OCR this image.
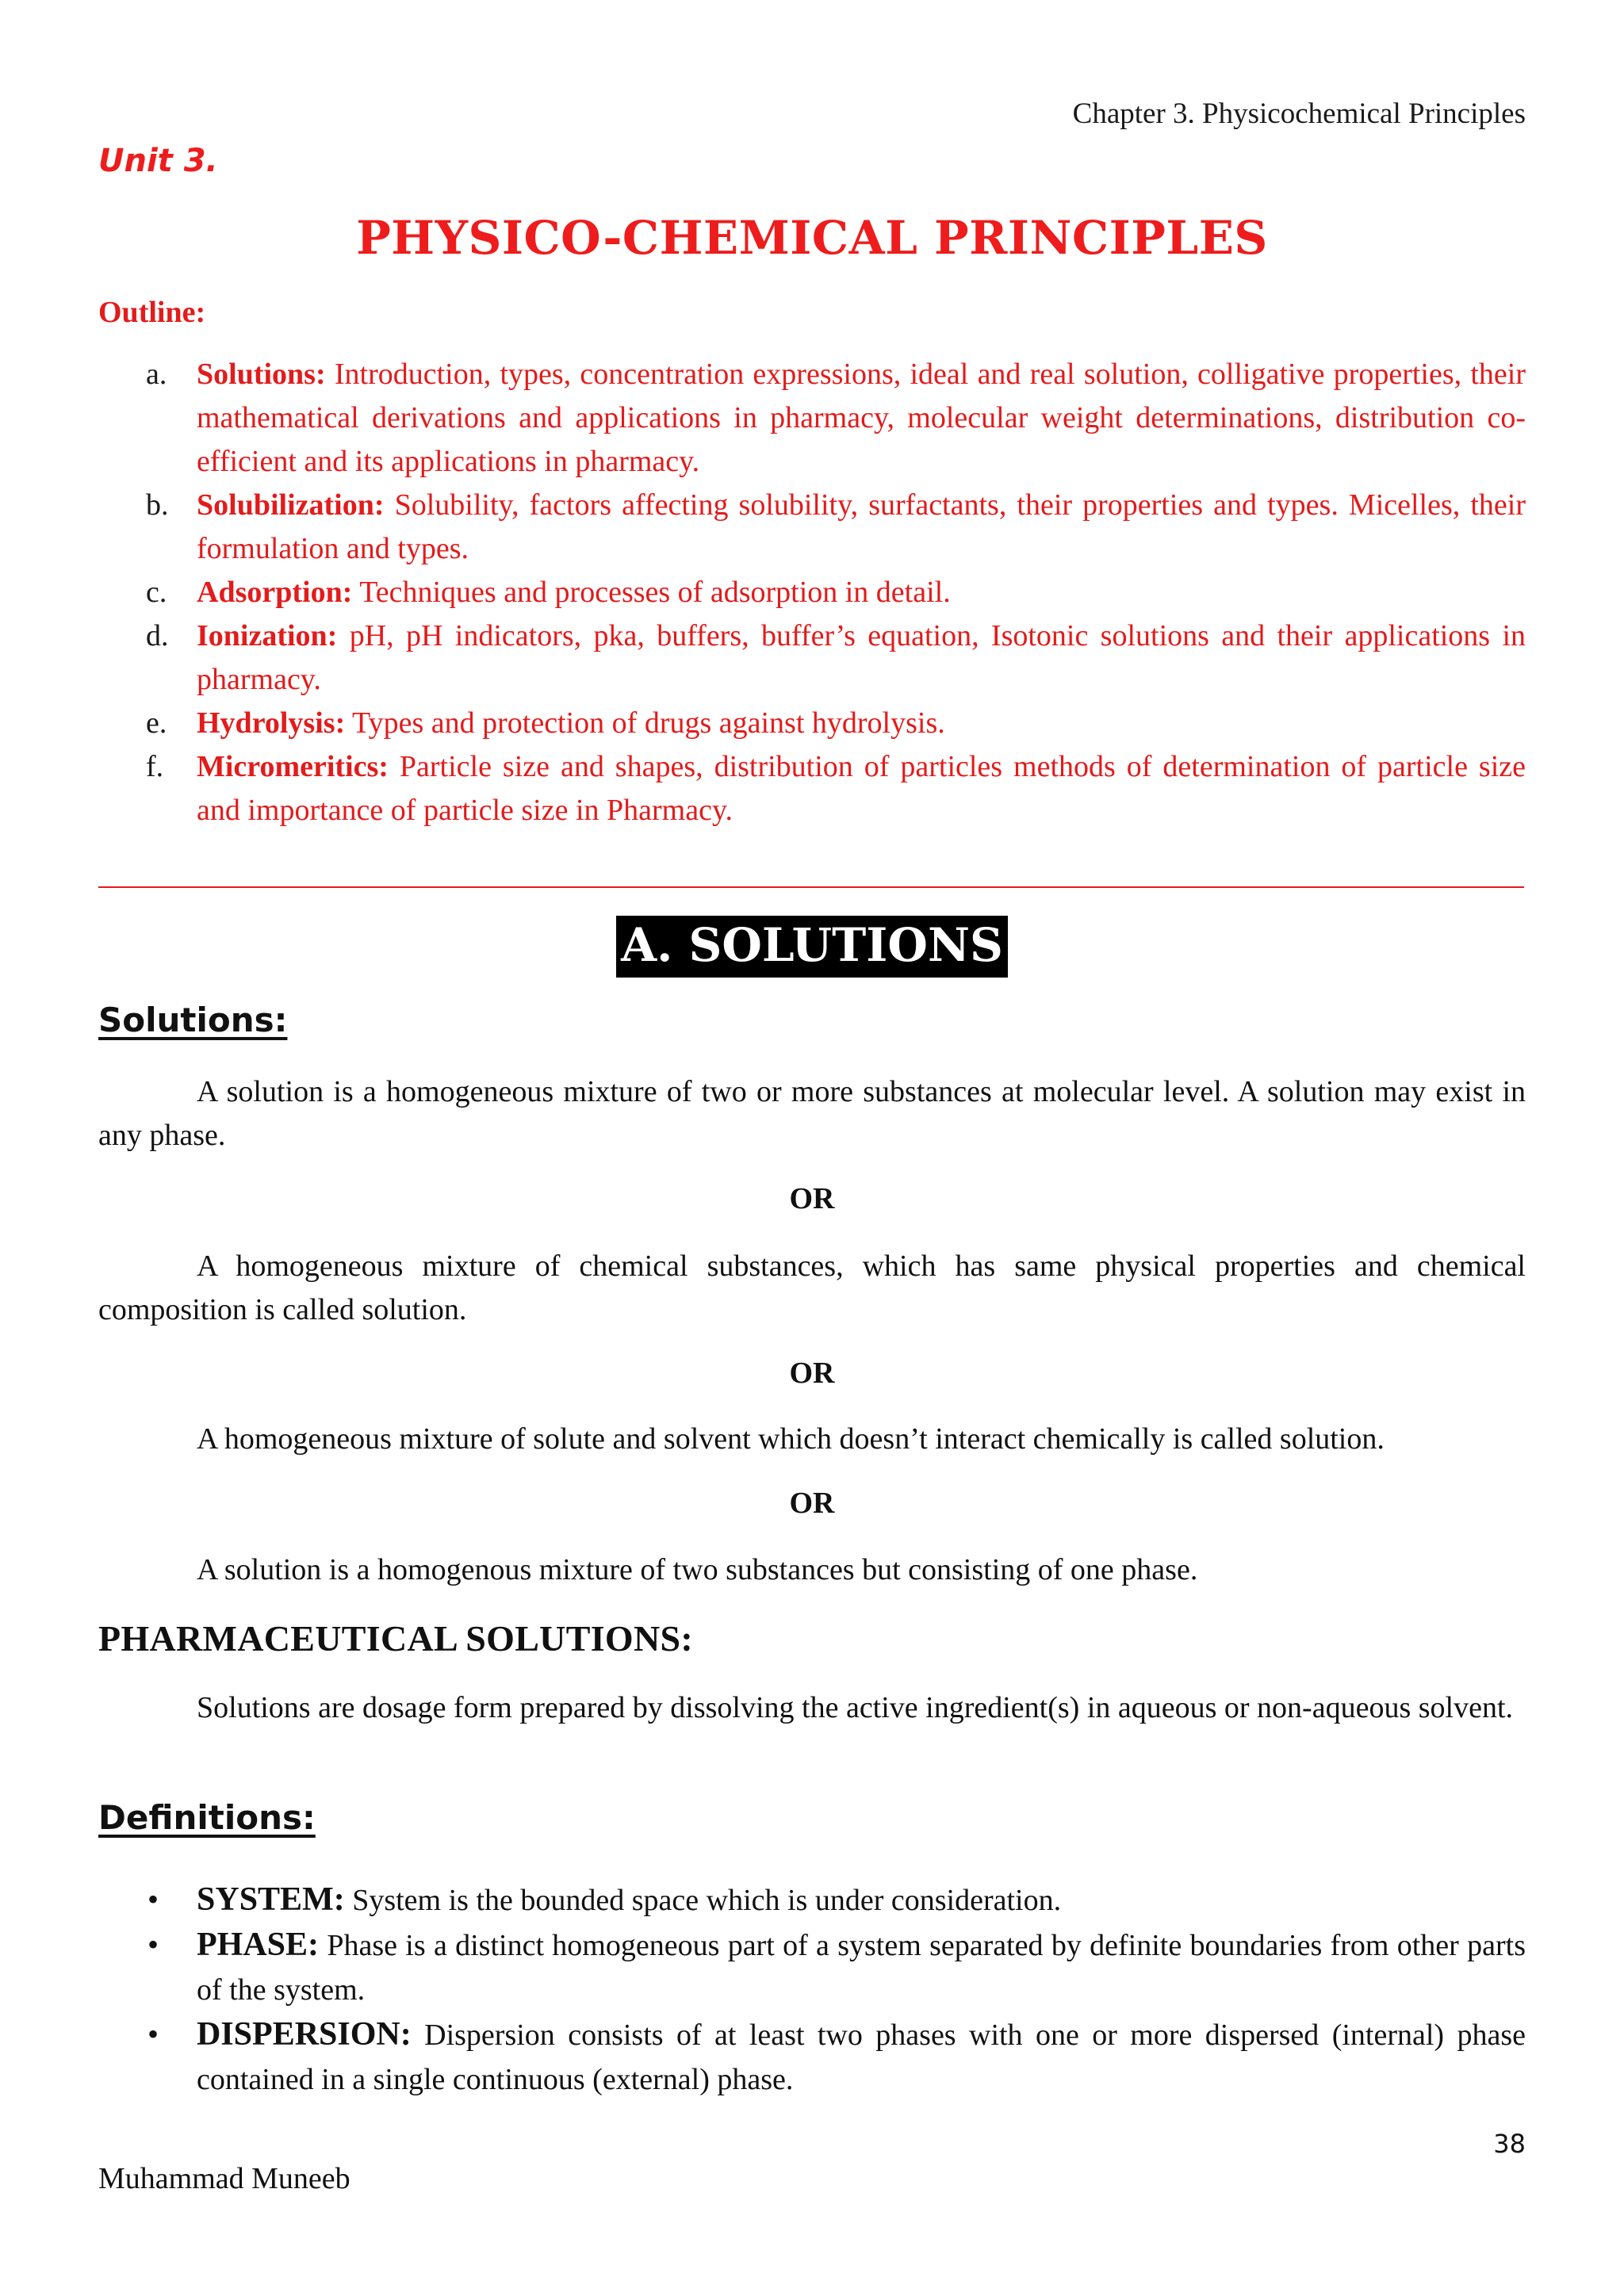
Chapter 3. Physicochemical Principles
Unit 3.
PHYSICO-CHEMICAL PRINCIPLES
Outline:
a. Solutions: Introduction, types, concentration expressions, ideal and real solution, colligative properties, their mathematical derivations and applications in pharmacy, molecular weight determinations, distribution co-efficient and its applications in pharmacy.
b. Solubilization: Solubility, factors affecting solubility, surfactants, their properties and types. Micelles, their formulation and types.
c. Adsorption: Techniques and processes of adsorption in detail.
d. Ionization: pH, pH indicators, pka, buffers, buffer’s equation, Isotonic solutions and their applications in pharmacy.
e. Hydrolysis: Types and protection of drugs against hydrolysis.
f. Micromeritics: Particle size and shapes, distribution of particles methods of determination of particle size and importance of particle size in Pharmacy.
A. SOLUTIONS
Solutions:
A solution is a homogeneous mixture of two or more substances at molecular level. A solution may exist in any phase.
OR
A homogeneous mixture of chemical substances, which has same physical properties and chemical composition is called solution.
OR
A homogeneous mixture of solute and solvent which doesn’t interact chemically is called solution.
OR
A solution is a homogenous mixture of two substances but consisting of one phase.
PHARMACEUTICAL SOLUTIONS:
Solutions are dosage form prepared by dissolving the active ingredient(s) in aqueous or non-aqueous solvent.
Definitions:
• SYSTEM: System is the bounded space which is under consideration.
• PHASE: Phase is a distinct homogeneous part of a system separated by definite boundaries from other parts of the system.
• DISPERSION: Dispersion consists of at least two phases with one or more dispersed (internal) phase contained in a single continuous (external) phase.
38
Muhammad Muneeb
